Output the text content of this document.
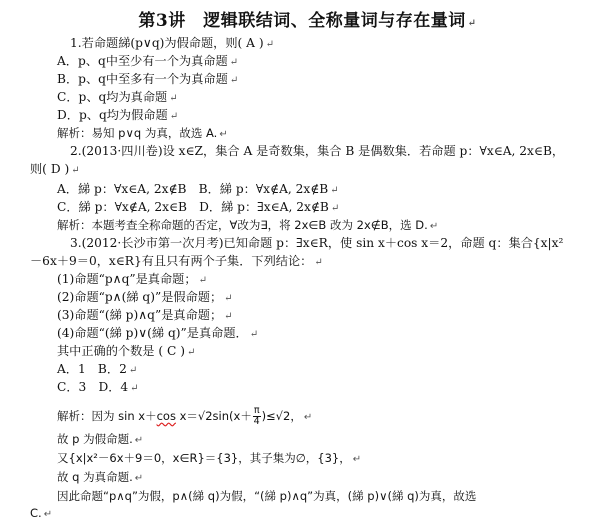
第3讲　逻辑联结词、全称量词与存在量词 ↵
1.若命题綈(p∨q)为假命题，则( A ) ↵
A．p、q中至少有一个为真命题 ↵
B．p、q中至多有一个为真命题 ↵
C．p、q均为真命题 ↵
D．p、q均为假命题 ↵
解析：易知 p∨q 为真，故选 A. ↵
2.(2013·四川卷)设 x∈Z，集合 A 是奇数集，集合 B 是偶数集．若命题 p：∀x∈A, 2x∈B，
则( D ) ↵
A．綈 p：∀x∈A, 2x∉B　B．綈 p：∀x∉A, 2x∉B ↵
C．綈 p：∀x∉A, 2x∈B　D．綈 p：∃x∈A, 2x∉B ↵
解析：本题考查全称命题的否定，∀改为∃，将 2x∈B 改为 2x∉B，选 D. ↵
3.(2012·长沙市第一次月考)已知命题 p：∃x∈R，使 sin x＋cos x＝2，命题 q：集合{x|x²
－6x＋9＝0，x∈R}有且只有两个子集．下列结论： ↵
(1)命题“p∧q”是真命题； ↵
(2)命题“p∧(綈 q)”是假命题； ↵
(3)命题“(綈 p)∧q”是真命题； ↵
(4)命题“(綈 p)∨(綈 q)”是真命题． ↵
其中正确的个数是 ( C ) ↵
A．1　B．2 ↵
C．3　D．4 ↵
解析：因为 sin x＋cos $x=√2\sin(x+ \frac{\pi}{4} )\le√2$， ↵
故 p 为假命题. ↵
又{x|x²－6x＋9＝0，x∈R}＝{3}，其子集为∅，{3}， ↵
故 q 为真命题. ↵
因此命题“p∧q”为假，p∧(綈 q)为假，“(綈 p)∧q”为真，(綈 p)∨(綈 q)为真，故选
C. ↵
